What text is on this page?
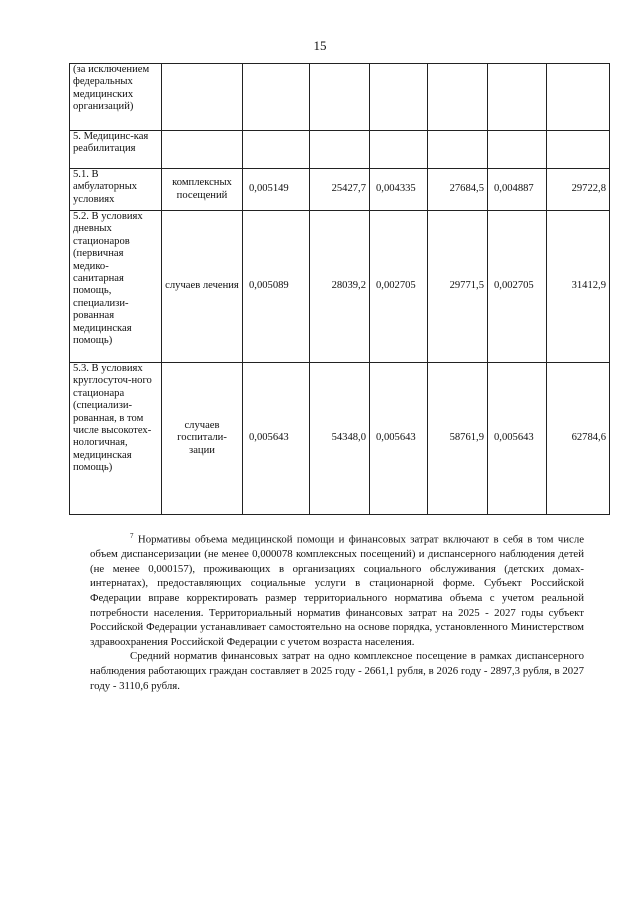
15
(за исключением федеральных медицинских организаций)							
5. Медицинс-кая реабилитация							
5.1. В амбулаторных условиях	комплексных посещений	0,005149	25427,7	0,004335	27684,5	0,004887	29722,8
5.2. В условиях дневных стационаров (первичная медико-санитарная помощь, специализи-рованная медицинская помощь)	случаев лечения	0,005089	28039,2	0,002705	29771,5	0,002705	31412,9
5.3. В условиях круглосуточ-ного стационара (специализи-рованная, в том числе высокотех-нологичная, медицинская помощь)	случаев госпитали-зации	0,005643	54348,0	0,005643	58761,9	0,005643	62784,6

$^7$ Нормативы объема медицинской помощи и финансовых затрат включают в себя в том числе объем диспансеризации (не менее 0,000078 комплексных посещений) и диспансерного наблюдения детей (не менее 0,000157), проживающих в организациях социального обслуживания (детских домах-интернатах), предоставляющих социальные услуги в стационарной форме. Субъект Российской Федерации вправе корректировать размер территориального норматива объема с учетом реальной потребности населения. Территориальный норматив финансовых затрат на 2025 - 2027 годы субъект Российской Федерации устанавливает самостоятельно на основе порядка, установленного Министерством здравоохранения Российской Федерации с учетом возраста населения.

Средний норматив финансовых затрат на одно комплексное посещение в рамках диспансерного наблюдения работающих граждан составляет в 2025 году - 2661,1 рубля, в 2026 году - 2897,3 рубля, в 2027 году - 3110,6 рубля.
